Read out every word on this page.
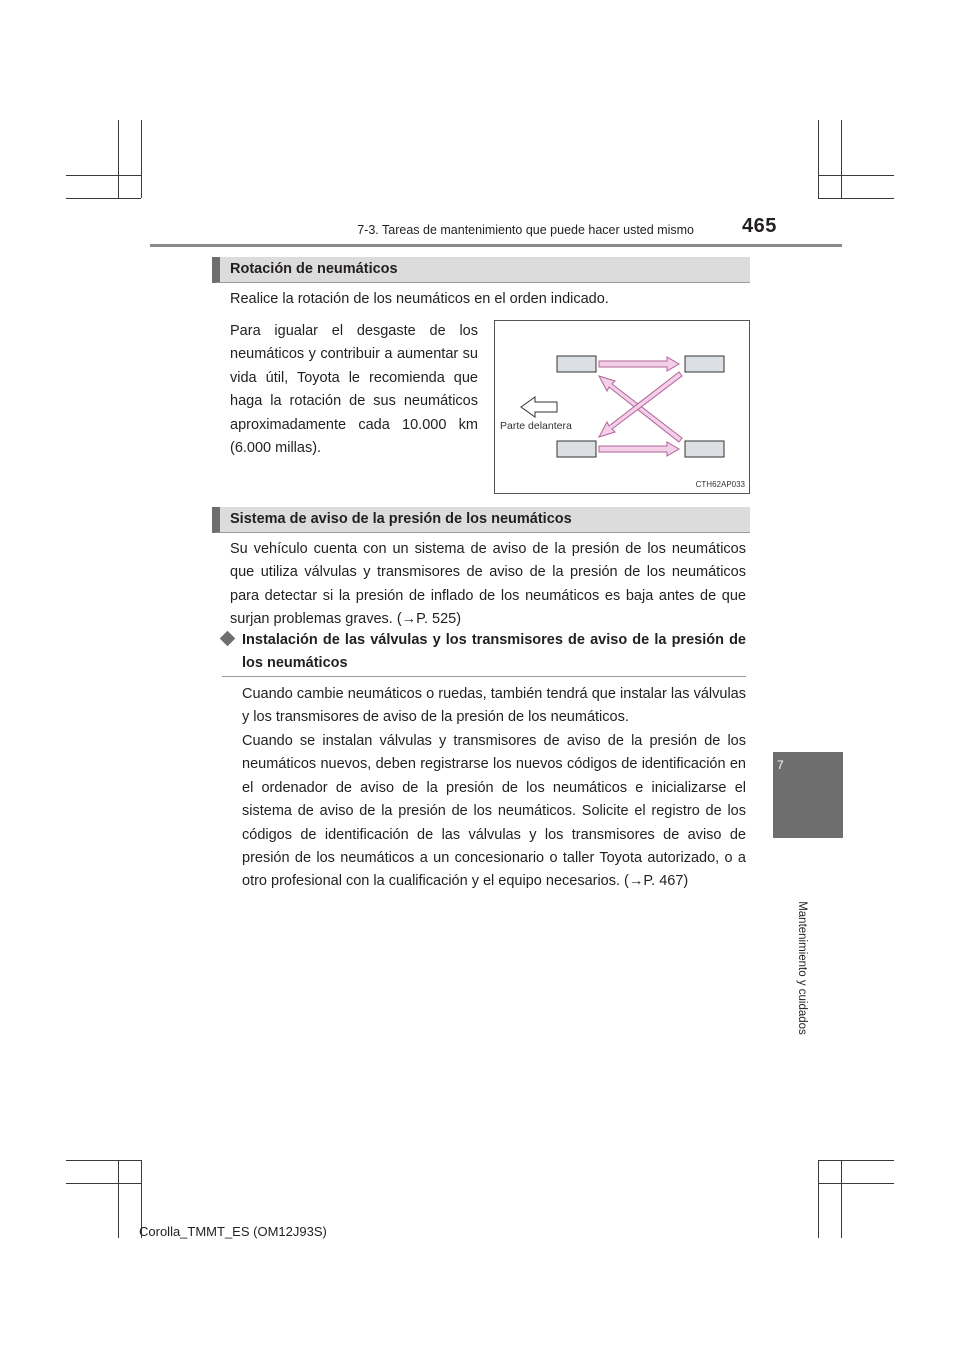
7-3. Tareas de mantenimiento que puede hacer usted mismo 465
7
Mantenimiento y cuidados
Rotación de neumáticos

Realice la rotación de los neumáticos en el orden indicado.

Para igualar el desgaste de los neumáticos y contribuir a aumentar su vida útil, Toyota le recomienda que haga la rotación de sus neumáticos aproximadamente cada 10.000 km (6.000 millas).

Parte delantera
CTH62AP033
Sistema de aviso de la presión de los neumáticos

Su vehículo cuenta con un sistema de aviso de la presión de los neumáticos que utiliza válvulas y transmisores de aviso de la presión de los neumáticos para detectar si la presión de inflado de los neumáticos es baja antes de que surjan problemas graves. (→P. 525)

Instalación de las válvulas y los transmisores de aviso de la presión de los neumáticos

Cuando cambie neumáticos o ruedas, también tendrá que instalar las válvulas y los transmisores de aviso de la presión de los neumáticos.

Cuando se instalan válvulas y transmisores de aviso de la presión de los neumáticos nuevos, deben registrarse los nuevos códigos de identificación en el ordenador de aviso de la presión de los neumáticos e inicializarse el sistema de aviso de la presión de los neumáticos. Solicite el registro de los códigos de identificación de las válvulas y los transmisores de aviso de presión de los neumáticos a un concesionario o taller Toyota autorizado, o a otro profesional con la cualificación y el equipo necesarios. (→P. 467)

Corolla_TMMT_ES (OM12J93S)
